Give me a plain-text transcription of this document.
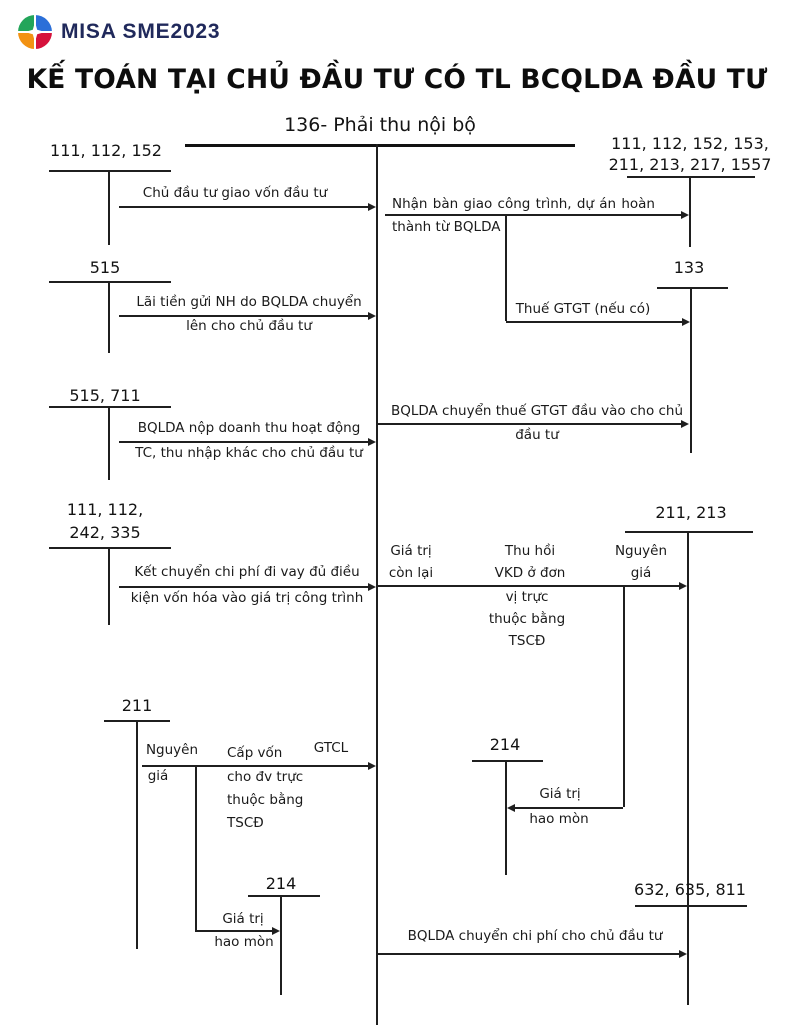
MISA SME2023
KẾ TOÁN TẠI CHỦ ĐẦU TƯ CÓ TL BCQLDA ĐẦU TƯ
136- Phải thu nội bộ
111, 112, 152
515
515, 711
111, 112,
242, 335
211
214
111, 112, 152, 153,
211, 213, 217, 1557
133
211, 213
214
632, 635, 811
Chủ đầu tư giao vốn đầu tư
Lãi tiền gửi NH do BQLDA chuyển
lên cho chủ đầu tư
BQLDA nộp doanh thu hoạt động
TC, thu nhập khác cho chủ đầu tư
Kết chuyển chi phí đi vay đủ điều
kiện vốn hóa vào giá trị công trình
Nguyên
giá
Cấp vốn
cho đv trực
thuộc bằng
TSCĐ
GTCL
Giá trị
hao mòn
Nhận bàn giao công trình, dự án hoàn
thành từ BQLDA
Thuế GTGT (nếu có)
BQLDA chuyển thuế GTGT đầu vào cho chủ
đầu tư
Giá trị
còn lại
Thu hồi
VKD ở đơn
Nguyên
giá
vị trực
thuộc bằng
TSCĐ
Giá trị
hao mòn
BQLDA chuyển chi phí cho chủ đầu tư
